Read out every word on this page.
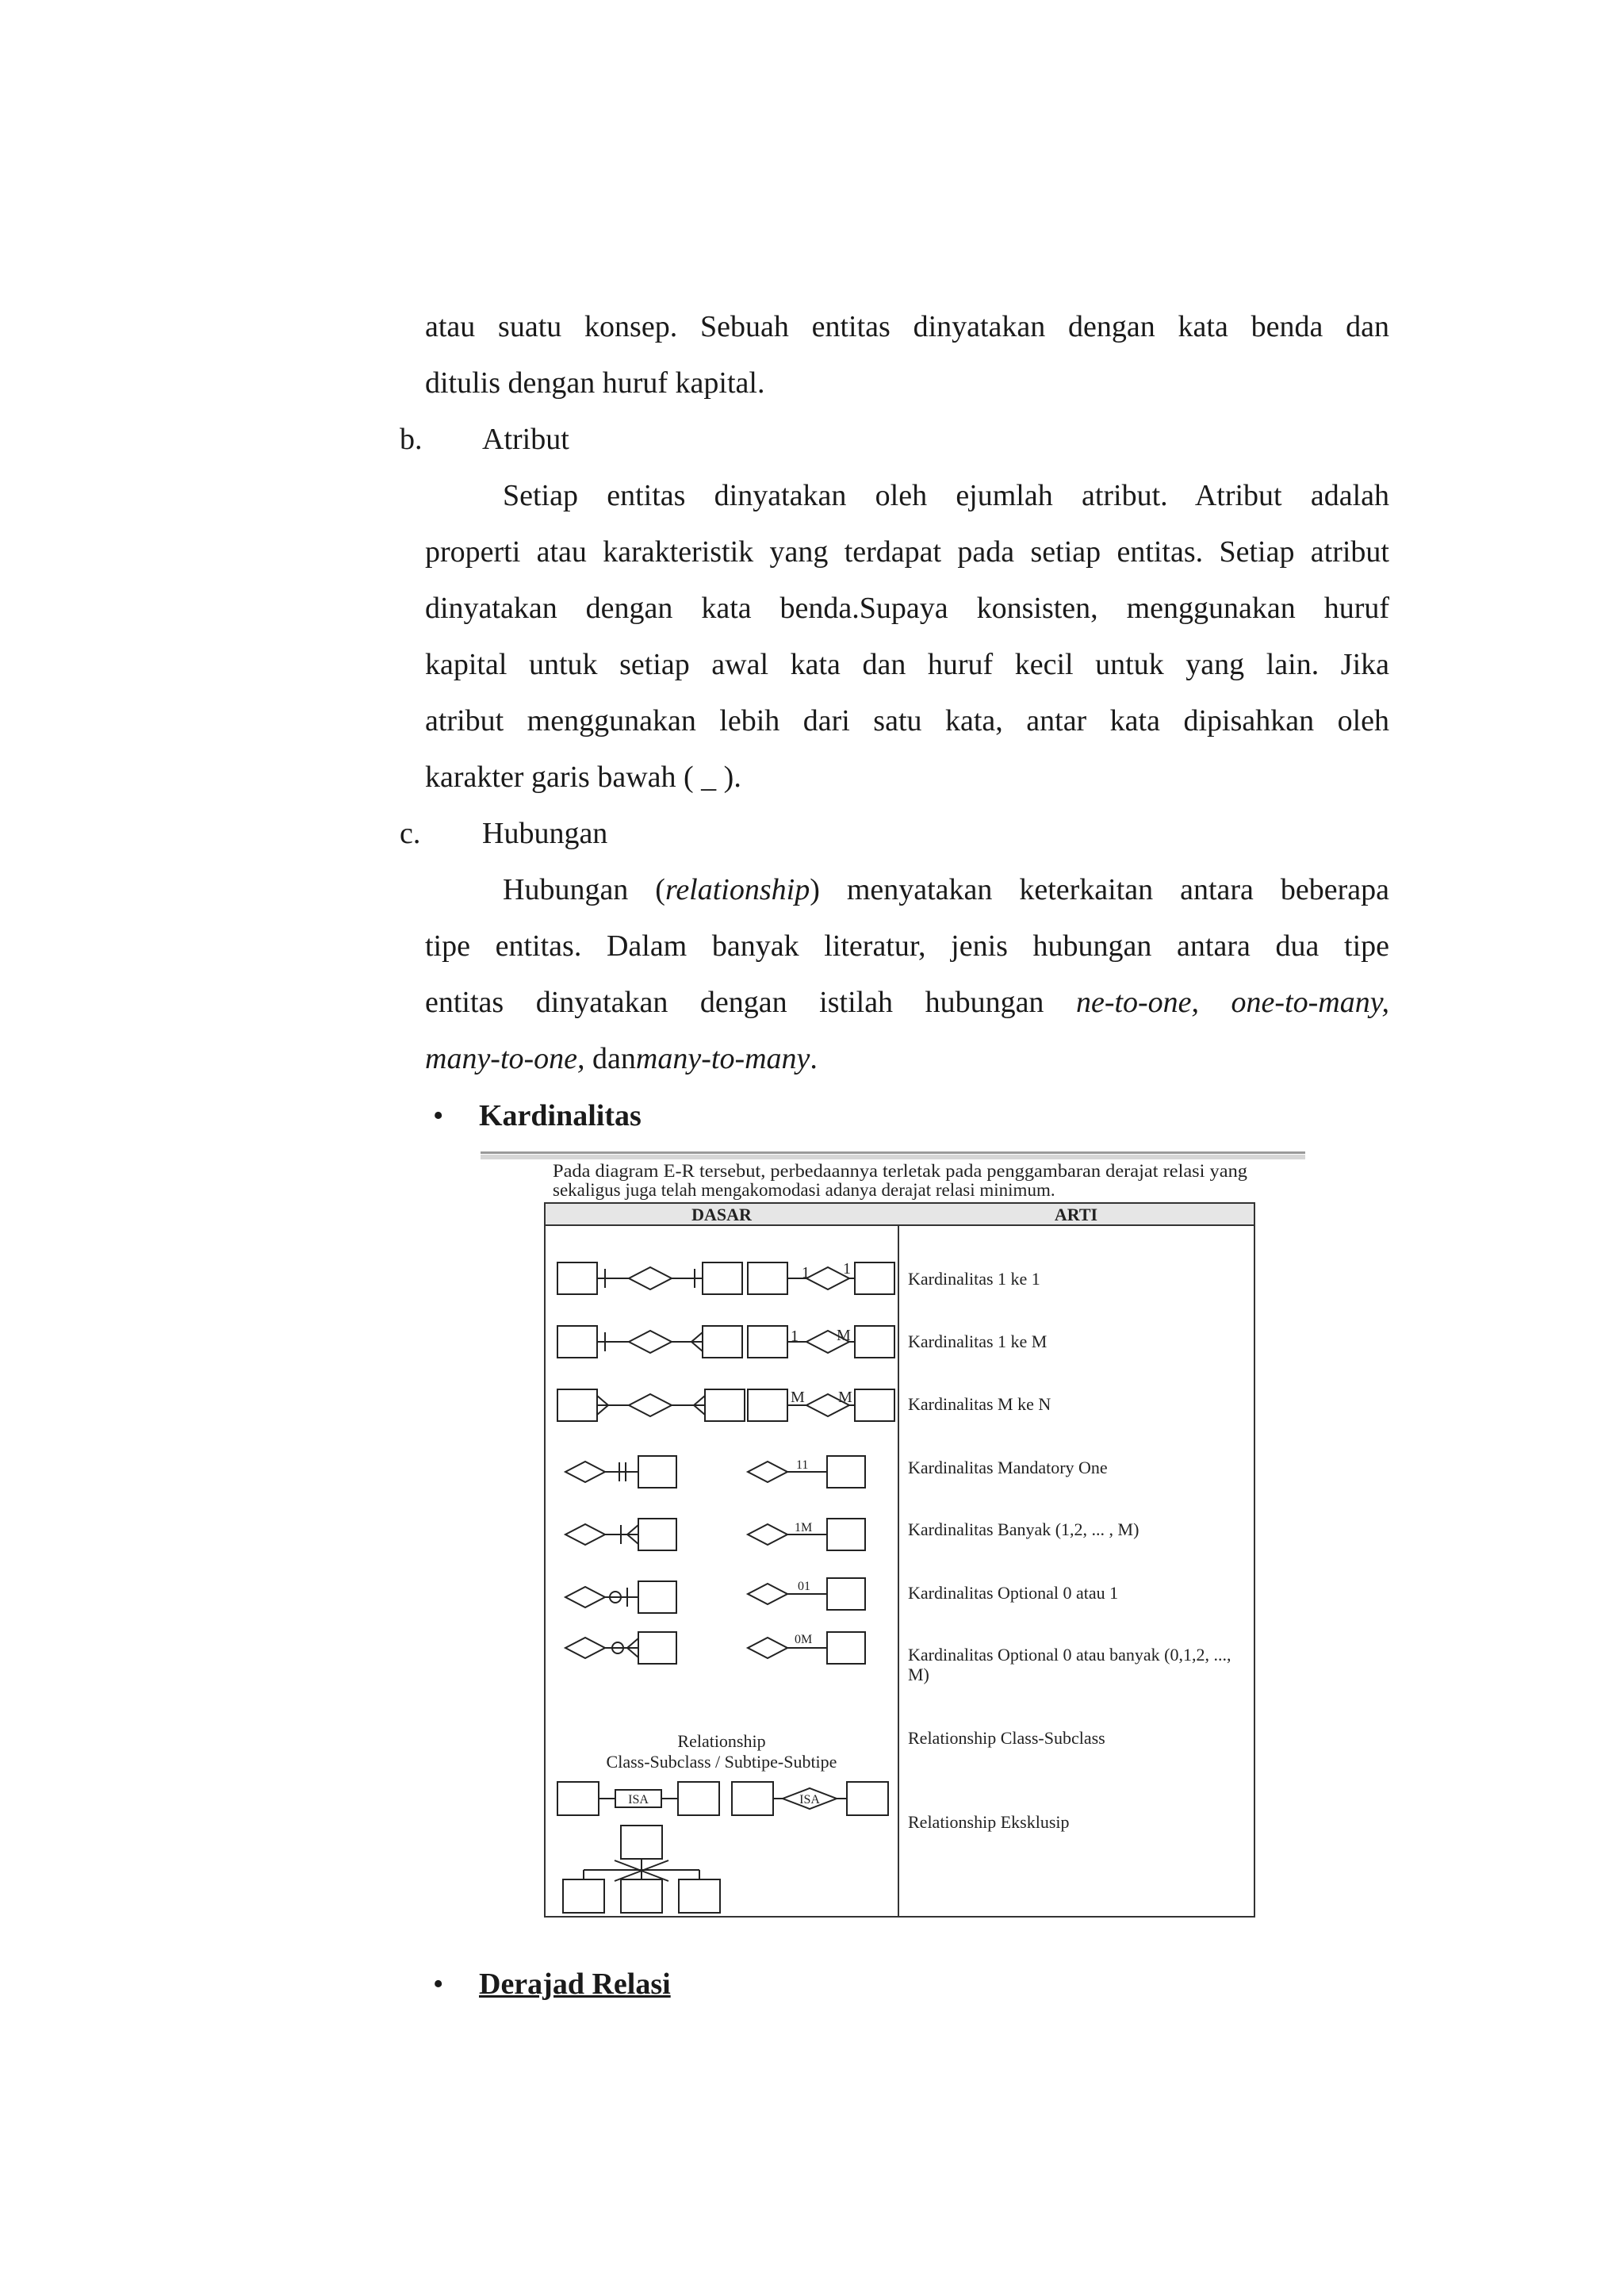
atau suatu konsep. Sebuah entitas dinyatakan dengan kata benda dan
ditulis dengan huruf kapital.
b. Atribut
Setiap entitas dinyatakan oleh ejumlah atribut. Atribut adalah
properti atau karakteristik yang terdapat pada setiap entitas. Setiap atribut
dinyatakan dengan kata benda.Supaya konsisten, menggunakan huruf
kapital untuk setiap awal kata dan huruf kecil untuk yang lain. Jika
atribut menggunakan lebih dari satu kata, antar kata dipisahkan oleh
karakter garis bawah ( _ ).
c. Hubungan
Hubungan (relationship) menyatakan keterkaitan antara beberapa
tipe entitas. Dalam banyak literatur, jenis hubungan antara dua tipe
entitas dinyatakan dengan istilah hubungan ne-to-one, one-to-many,
many-to-one, danmany-to-many.
• Kardinalitas
Pada diagram E-R tersebut, perbedaannya terletak pada penggambaran derajat relasi yang
sekaligus juga telah mengakomodasi adanya derajat relasi minimum.
DASAR	ARTI
1 1
1 M
M M
11
1M
01
0M
Relationship
Class-Subclass / Subtipe-Subtipe
ISA	ISA
Kardinalitas 1 ke 1
Kardinalitas 1 ke M
Kardinalitas M ke N
Kardinalitas Mandatory One
Kardinalitas Banyak (1,2, ... , M)
Kardinalitas Optional 0 atau 1
Kardinalitas Optional 0 atau banyak (0,1,2, ...,
M)
Relationship Class-Subclass
Relationship Eksklusip
• Derajad Relasi
